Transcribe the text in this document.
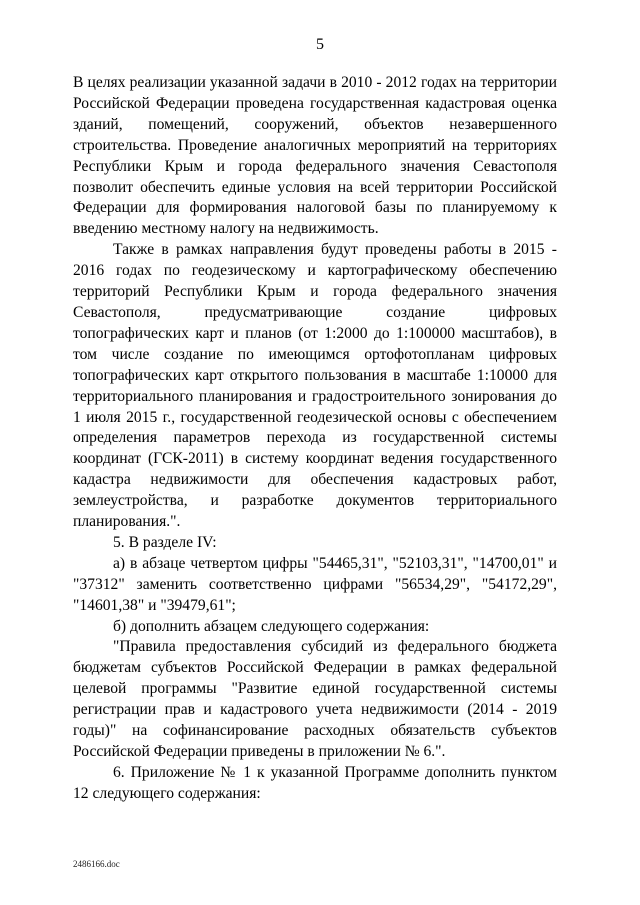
5

В целях реализации указанной задачи в 2010 - 2012 годах на территории Российской Федерации проведена государственная кадастровая оценка зданий, помещений, сооружений, объектов незавершенного строительства. Проведение аналогичных мероприятий на территориях Республики Крым и города федерального значения Севастополя позволит обеспечить единые условия на всей территории Российской Федерации для формирования налоговой базы по планируемому к введению местному налогу на недвижимость.

Также в рамках направления будут проведены работы в 2015 - 2016 годах по геодезическому и картографическому обеспечению территорий Республики Крым и города федерального значения Севастополя, предусматривающие создание цифровых топографических карт и планов (от 1:2000 до 1:100000 масштабов), в том числе создание по имеющимся ортофотопланам цифровых топографических карт открытого пользования в масштабе 1:10000 для территориального планирования и градостроительного зонирования до 1 июля 2015 г., государственной геодезической основы с обеспечением определения параметров перехода из государственной системы координат (ГСК-2011) в систему координат ведения государственного кадастра недвижимости для обеспечения кадастровых работ, землеустройства, и разработке документов территориального планирования.".

5. В разделе IV:

а) в абзаце четвертом цифры "54465,31", "52103,31", "14700,01" и "37312" заменить соответственно цифрами "56534,29", "54172,29", "14601,38" и "39479,61";

б) дополнить абзацем следующего содержания:

"Правила предоставления субсидий из федерального бюджета бюджетам субъектов Российской Федерации в рамках федеральной целевой программы "Развитие единой государственной системы регистрации прав и кадастрового учета недвижимости (2014 - 2019 годы)" на софинансирование расходных обязательств субъектов Российской Федерации приведены в приложении № 6.".

6. Приложение № 1 к указанной Программе дополнить пунктом 12 следующего содержания:

2486166.doc
